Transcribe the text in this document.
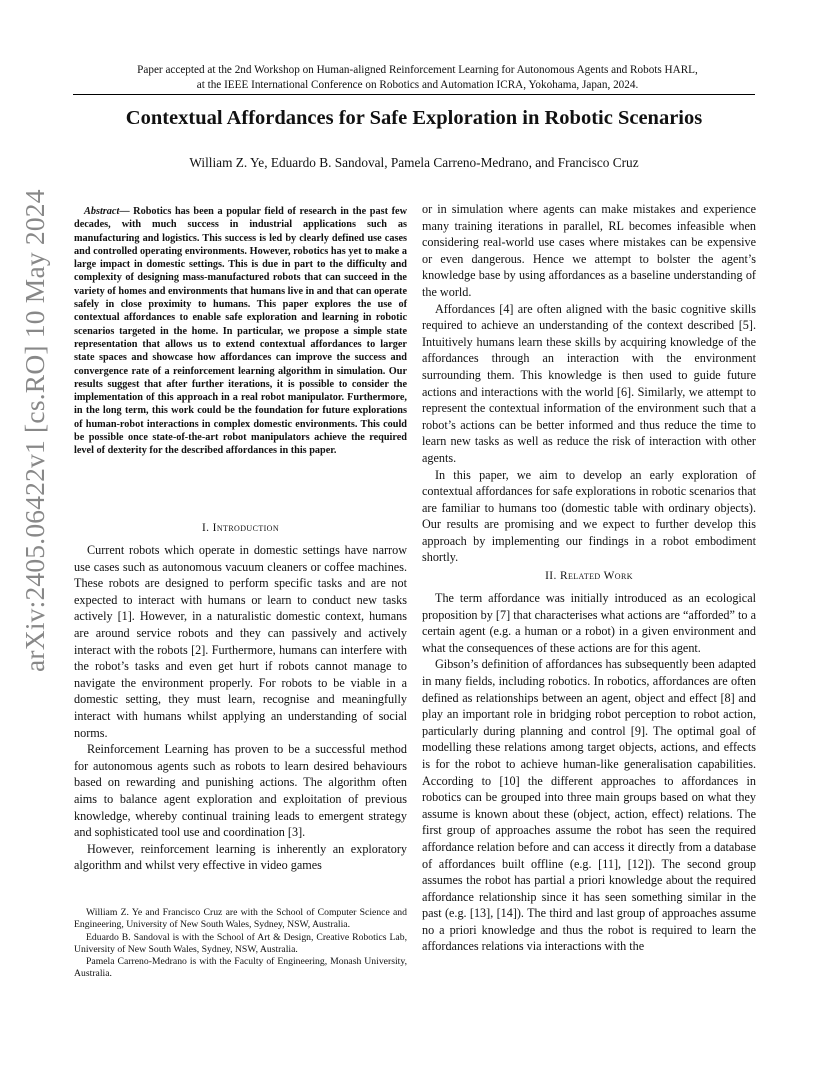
Paper accepted at the 2nd Workshop on Human-aligned Reinforcement Learning for Autonomous Agents and Robots HARL,
at the IEEE International Conference on Robotics and Automation ICRA, Yokohama, Japan, 2024.
Contextual Affordances for Safe Exploration in Robotic Scenarios
William Z. Ye, Eduardo B. Sandoval, Pamela Carreno-Medrano, and Francisco Cruz
arXiv:2405.06422v1 [cs.RO] 10 May 2024	Abstract— Robotics has been a popular field of research in the past few decades, with much success in industrial applications such as manufacturing and logistics. This success is led by clearly defined use cases and controlled operating environments. However, robotics has yet to make a large impact in domestic settings. This is due in part to the difficulty and complexity of designing mass-manufactured robots that can succeed in the variety of homes and environments that humans live in and that can operate safely in close proximity to humans. This paper explores the use of contextual affordances to enable safe exploration and learning in robotic scenarios targeted in the home. In particular, we propose a simple state representation that allows us to extend contextual affordances to larger state spaces and showcase how affordances can improve the success and convergence rate of a reinforcement learning algorithm in simulation. Our results suggest that after further iterations, it is possible to consider the implementation of this approach in a real robot manipulator. Furthermore, in the long term, this work could be the foundation for future explorations of human-robot interactions in complex domestic environments. This could be possible once state-of-the-art robot manipulators achieve the required level of dexterity for the described affordances in this paper.

I. Introduction

Current robots which operate in domestic settings have narrow use cases such as autonomous vacuum cleaners or coffee machines. These robots are designed to perform specific tasks and are not expected to interact with humans or learn to conduct new tasks actively [1]. However, in a naturalistic domestic context, humans are around service robots and they can passively and actively interact with the robots [2]. Furthermore, humans can interfere with the robot’s tasks and even get hurt if robots cannot manage to navigate the environment properly. For robots to be viable in a domestic setting, they must learn, recognise and meaningfully interact with humans whilst applying an understanding of social norms.

Reinforcement Learning has proven to be a successful method for autonomous agents such as robots to learn desired behaviours based on rewarding and punishing actions. The algorithm often aims to balance agent exploration and exploitation of previous knowledge, whereby continual training leads to emergent strategy and sophisticated tool use and coordination [3].

However, reinforcement learning is inherently an exploratory algorithm and whilst very effective in video games

William Z. Ye and Francisco Cruz are with the School of Computer Science and Engineering, University of New South Wales, Sydney, NSW, Australia.

Eduardo B. Sandoval is with the School of Art & Design, Creative Robotics Lab, University of New South Wales, Sydney, NSW, Australia.

Pamela Carreno-Medrano is with the Faculty of Engineering, Monash University, Australia.

or in simulation where agents can make mistakes and experience many training iterations in parallel, RL becomes infeasible when considering real-world use cases where mistakes can be expensive or even dangerous. Hence we attempt to bolster the agent’s knowledge base by using affordances as a baseline understanding of the world.

Affordances [4] are often aligned with the basic cognitive skills required to achieve an understanding of the context described [5]. Intuitively humans learn these skills by acquiring knowledge of the affordances through an interaction with the environment surrounding them. This knowledge is then used to guide future actions and interactions with the world [6]. Similarly, we attempt to represent the contextual information of the environment such that a robot’s actions can be better informed and thus reduce the time to learn new tasks as well as reduce the risk of interaction with other agents.

In this paper, we aim to develop an early exploration of contextual affordances for safe explorations in robotic scenarios that are familiar to humans too (domestic table with ordinary objects). Our results are promising and we expect to further develop this approach by implementing our findings in a robot embodiment shortly.

II. Related Work

The term affordance was initially introduced as an ecological proposition by [7] that characterises what actions are “afforded” to a certain agent (e.g. a human or a robot) in a given environment and what the consequences of these actions are for this agent.

Gibson’s definition of affordances has subsequently been adapted in many fields, including robotics. In robotics, affordances are often defined as relationships between an agent, object and effect [8] and play an important role in bridging robot perception to robot action, particularly during planning and control [9]. The optimal goal of modelling these relations among target objects, actions, and effects is for the robot to achieve human-like generalisation capabilities. According to [10] the different approaches to affordances in robotics can be grouped into three main groups based on what they assume is known about these (object, action, effect) relations. The first group of approaches assume the robot has seen the required affordance relation before and can access it directly from a database of affordances built offline (e.g. [11], [12]). The second group assumes the robot has partial a priori knowledge about the required affordance relationship since it has seen something similar in the past (e.g. [13], [14]). The third and last group of approaches assume no a priori knowledge and thus the robot is required to learn the affordances relations via interactions with the
